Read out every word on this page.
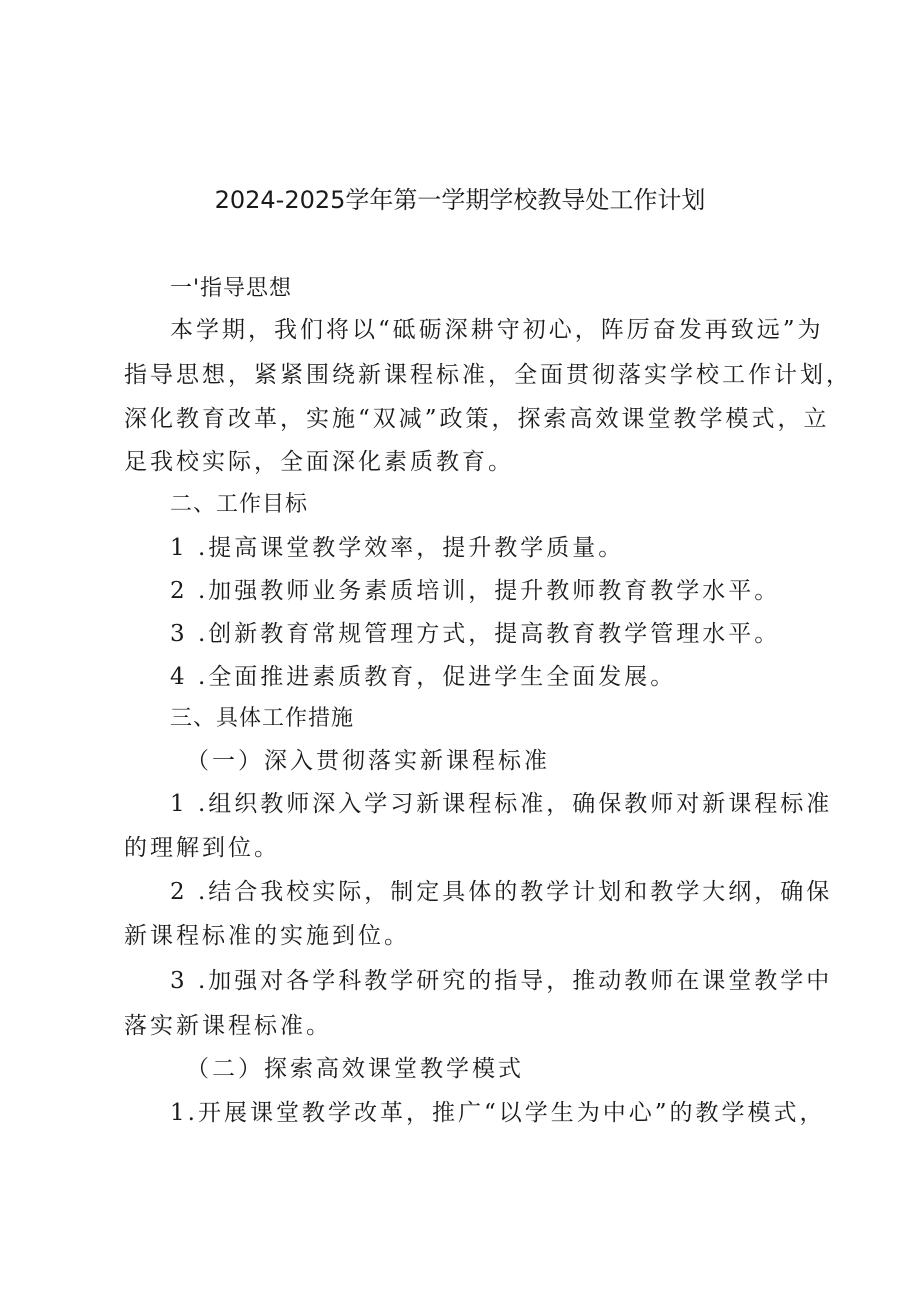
2024-2025学年第一学期学校教导处工作计划
一'指导思想
本学期，我们将以“砥砺深耕守初心，阵厉奋发再致远”为
指导思想，紧紧围绕新课程标准，全面贯彻落实学校工作计划，
深化教育改革，实施“双减”政策，探索高效课堂教学模式，立
足我校实际，全面深化素质教育。
二、工作目标
1 .提高课堂教学效率，提升教学质量。
2 .加强教师业务素质培训，提升教师教育教学水平。
3 .创新教育常规管理方式，提高教育教学管理水平。
4 .全面推进素质教育，促进学生全面发展。
三、具体工作措施
（一）深入贯彻落实新课程标准
1 .组织教师深入学习新课程标准，确保教师对新课程标准
的理解到位。
2 .结合我校实际，制定具体的教学计划和教学大纲，确保
新课程标准的实施到位。
3 .加强对各学科教学研究的指导，推动教师在课堂教学中
落实新课程标准。
（二）探索高效课堂教学模式
1.开展课堂教学改革，推广“以学生为中心”的教学模式，
